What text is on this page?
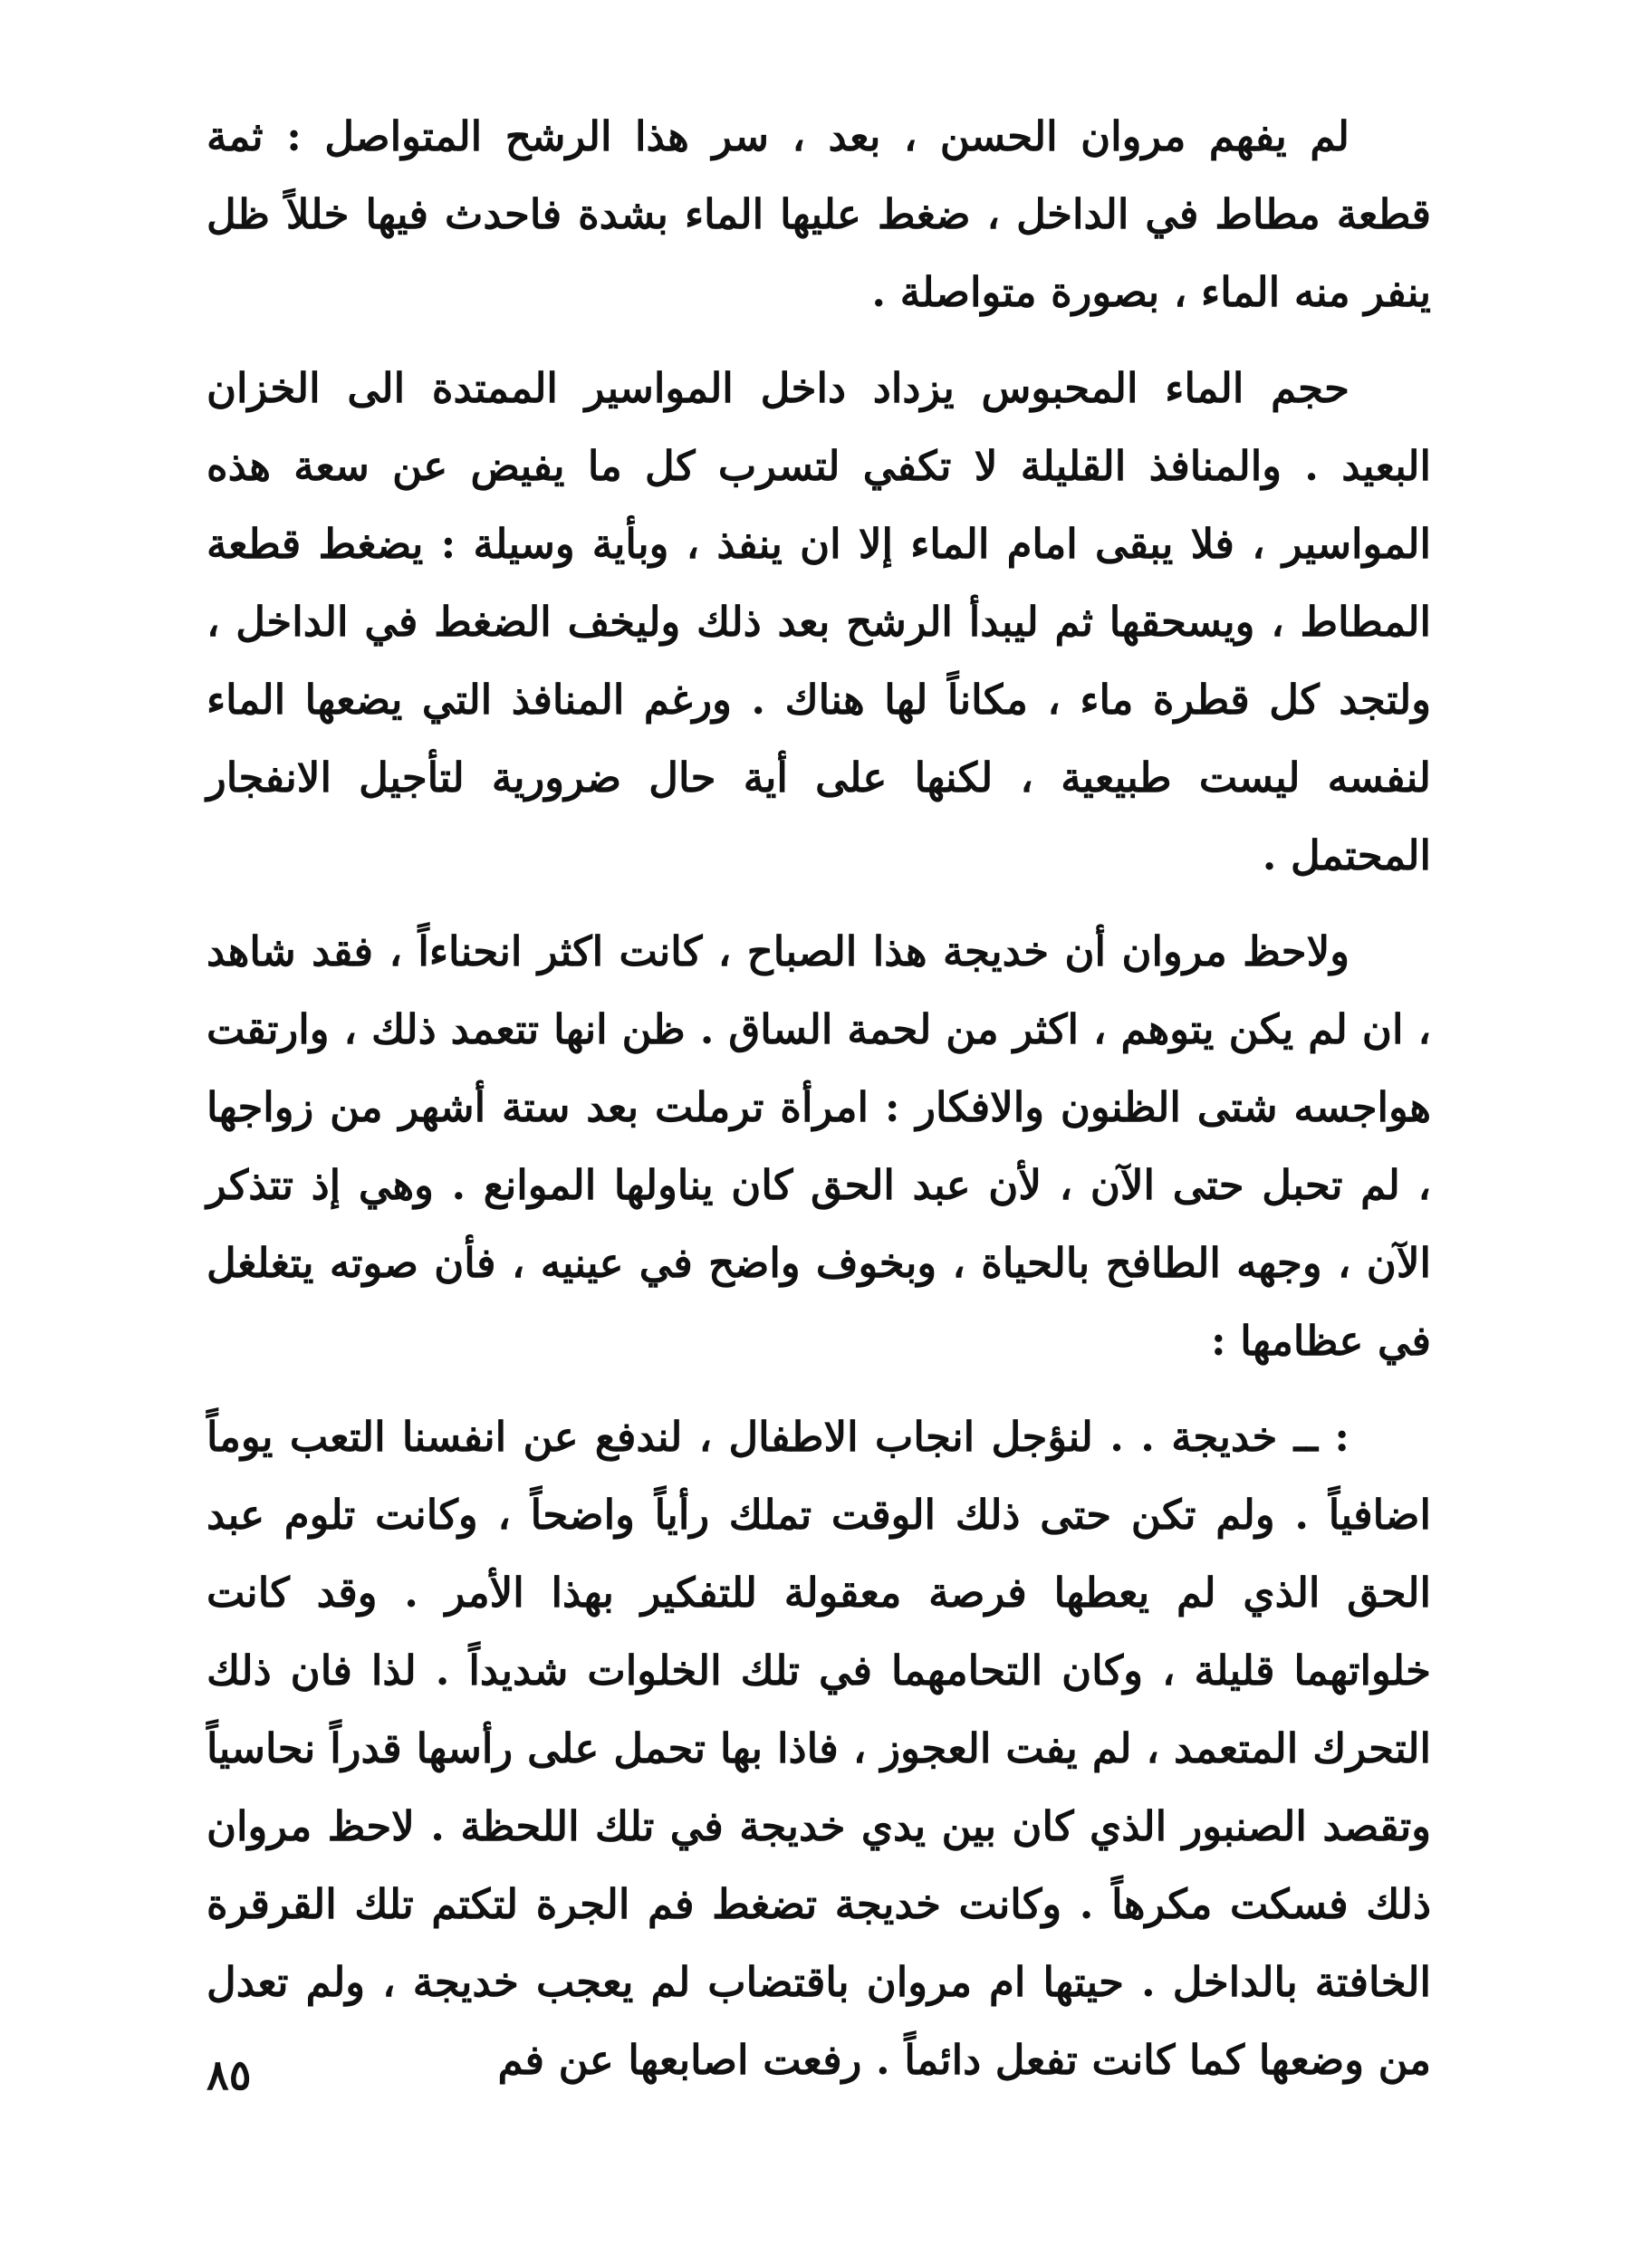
لم يفهم مروان الحسن ، بعد ، سر هذا الرشح المتواصل : ثمة قطعة مطاط في الداخل ، ضغط عليها الماء بشدة فاحدث فيها خللاً ظل ينفر منه الماء ، بصورة متواصلة .

حجم الماء المحبوس يزداد داخل المواسير الممتدة الى الخزان البعيد . والمنافذ القليلة لا تكفي لتسرب كل ما يفيض عن سعة هذه المواسير ، فلا يبقى امام الماء إلا ان ينفذ ، وبأية وسيلة : يضغط قطعة المطاط ، ويسحقها ثم ليبدأ الرشح بعد ذلك وليخف الضغط في الداخل ، ولتجد كل قطرة ماء ، مكاناً لها هناك . ورغم المنافذ التي يضعها الماء لنفسه ليست طبيعية ، لكنها على أية حال ضرورية لتأجيل الانفجار المحتمل .

ولاحظ مروان أن خديجة هذا الصباح ، كانت اكثر انحناءاً ، فقد شاهد ، ان لم يكن يتوهم ، اكثر من لحمة الساق . ظن انها تتعمد ذلك ، وارتقت هواجسه شتى الظنون والافكار : امرأة ترملت بعد ستة أشهر من زواجها ، لم تحبل حتى الآن ، لأن عبد الحق كان يناولها الموانع . وهي إذ تتذكر الآن ، وجهه الطافح بالحياة ، وبخوف واضح في عينيه ، فأن صوته يتغلغل في عظامها :

: ــ خديجة . . لنؤجل انجاب الاطفال ، لندفع عن انفسنا التعب يوماً اضافياً . ولم تكن حتى ذلك الوقت تملك رأياً واضحاً ، وكانت تلوم عبد الحق الذي لم يعطها فرصة معقولة للتفكير بهذا الأمر . وقد كانت خلواتهما قليلة ، وكان التحامهما في تلك الخلوات شديداً . لذا فان ذلك التحرك المتعمد ، لم يفت العجوز ، فاذا بها تحمل على رأسها قدراً نحاسياً وتقصد الصنبور الذي كان بين يدي خديجة في تلك اللحظة . لاحظ مروان ذلك فسكت مكرهاً . وكانت خديجة تضغط فم الجرة لتكتم تلك القرقرة الخافتة بالداخل . حيتها ام مروان باقتضاب لم يعجب خديجة ، ولم تعدل من وضعها كما كانت تفعل دائماً . رفعت اصابعها عن فم

٨٥
